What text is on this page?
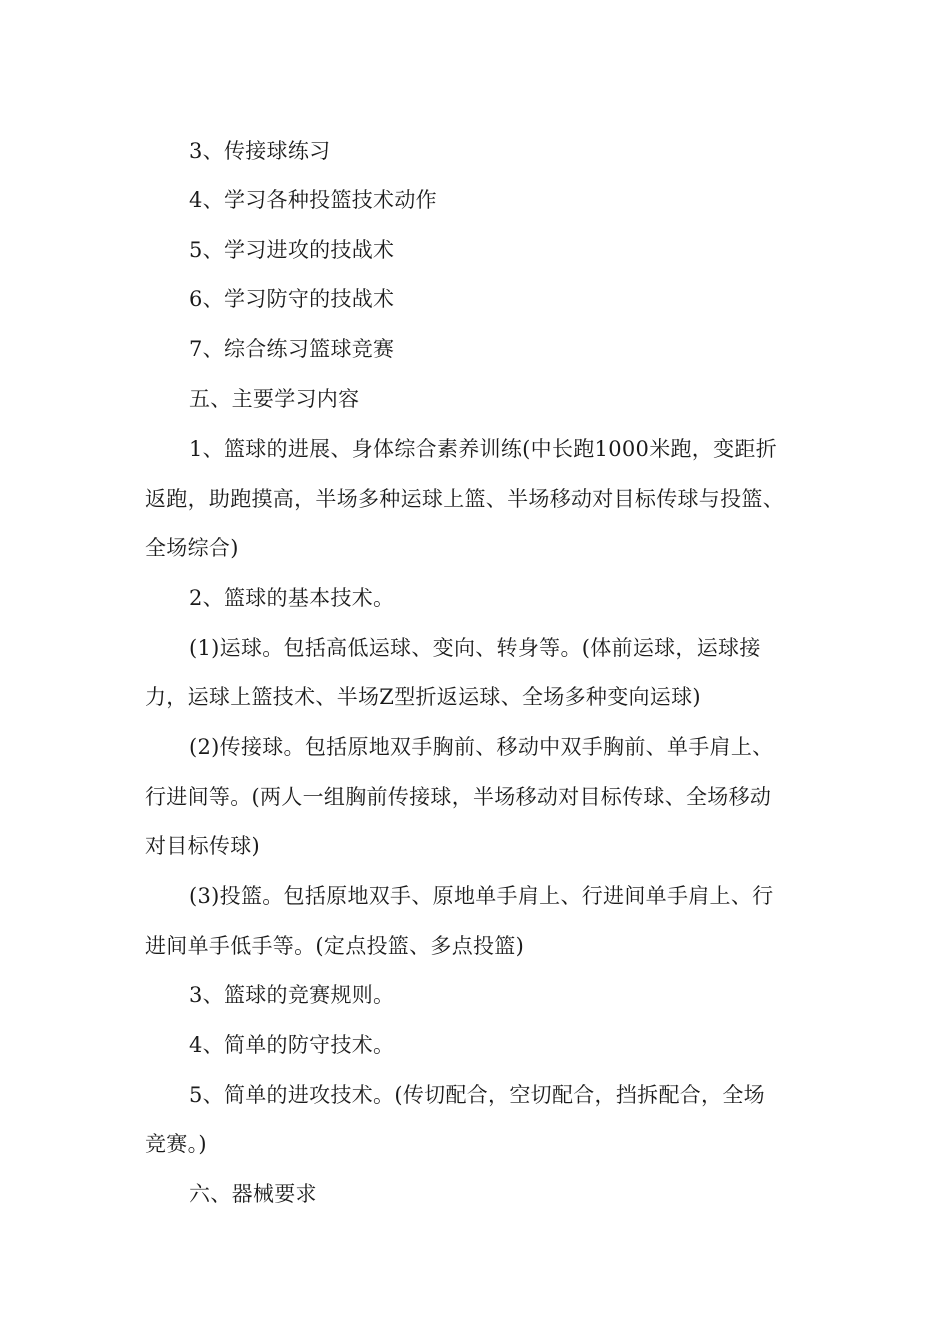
3、传接球练习
4、学习各种投篮技术动作
5、学习进攻的技战术
6、学习防守的技战术
7、综合练习篮球竞赛
五、主要学习内容
1、篮球的进展、身体综合素养训练(中长跑1000米跑，变距折
返跑，助跑摸高，半场多种运球上篮、半场移动对目标传球与投篮、
全场综合)
2、篮球的基本技术。
(1)运球。包括高低运球、变向、转身等。(体前运球，运球接
力，运球上篮技术、半场Z型折返运球、全场多种变向运球)
(2)传接球。包括原地双手胸前、移动中双手胸前、单手肩上、
行进间等。(两人一组胸前传接球，半场移动对目标传球、全场移动
对目标传球)
(3)投篮。包括原地双手、原地单手肩上、行进间单手肩上、行
进间单手低手等。(定点投篮、多点投篮)
3、篮球的竞赛规则。
4、简单的防守技术。
5、简单的进攻技术。(传切配合，空切配合，挡拆配合，全场
竞赛。)
六、器械要求
